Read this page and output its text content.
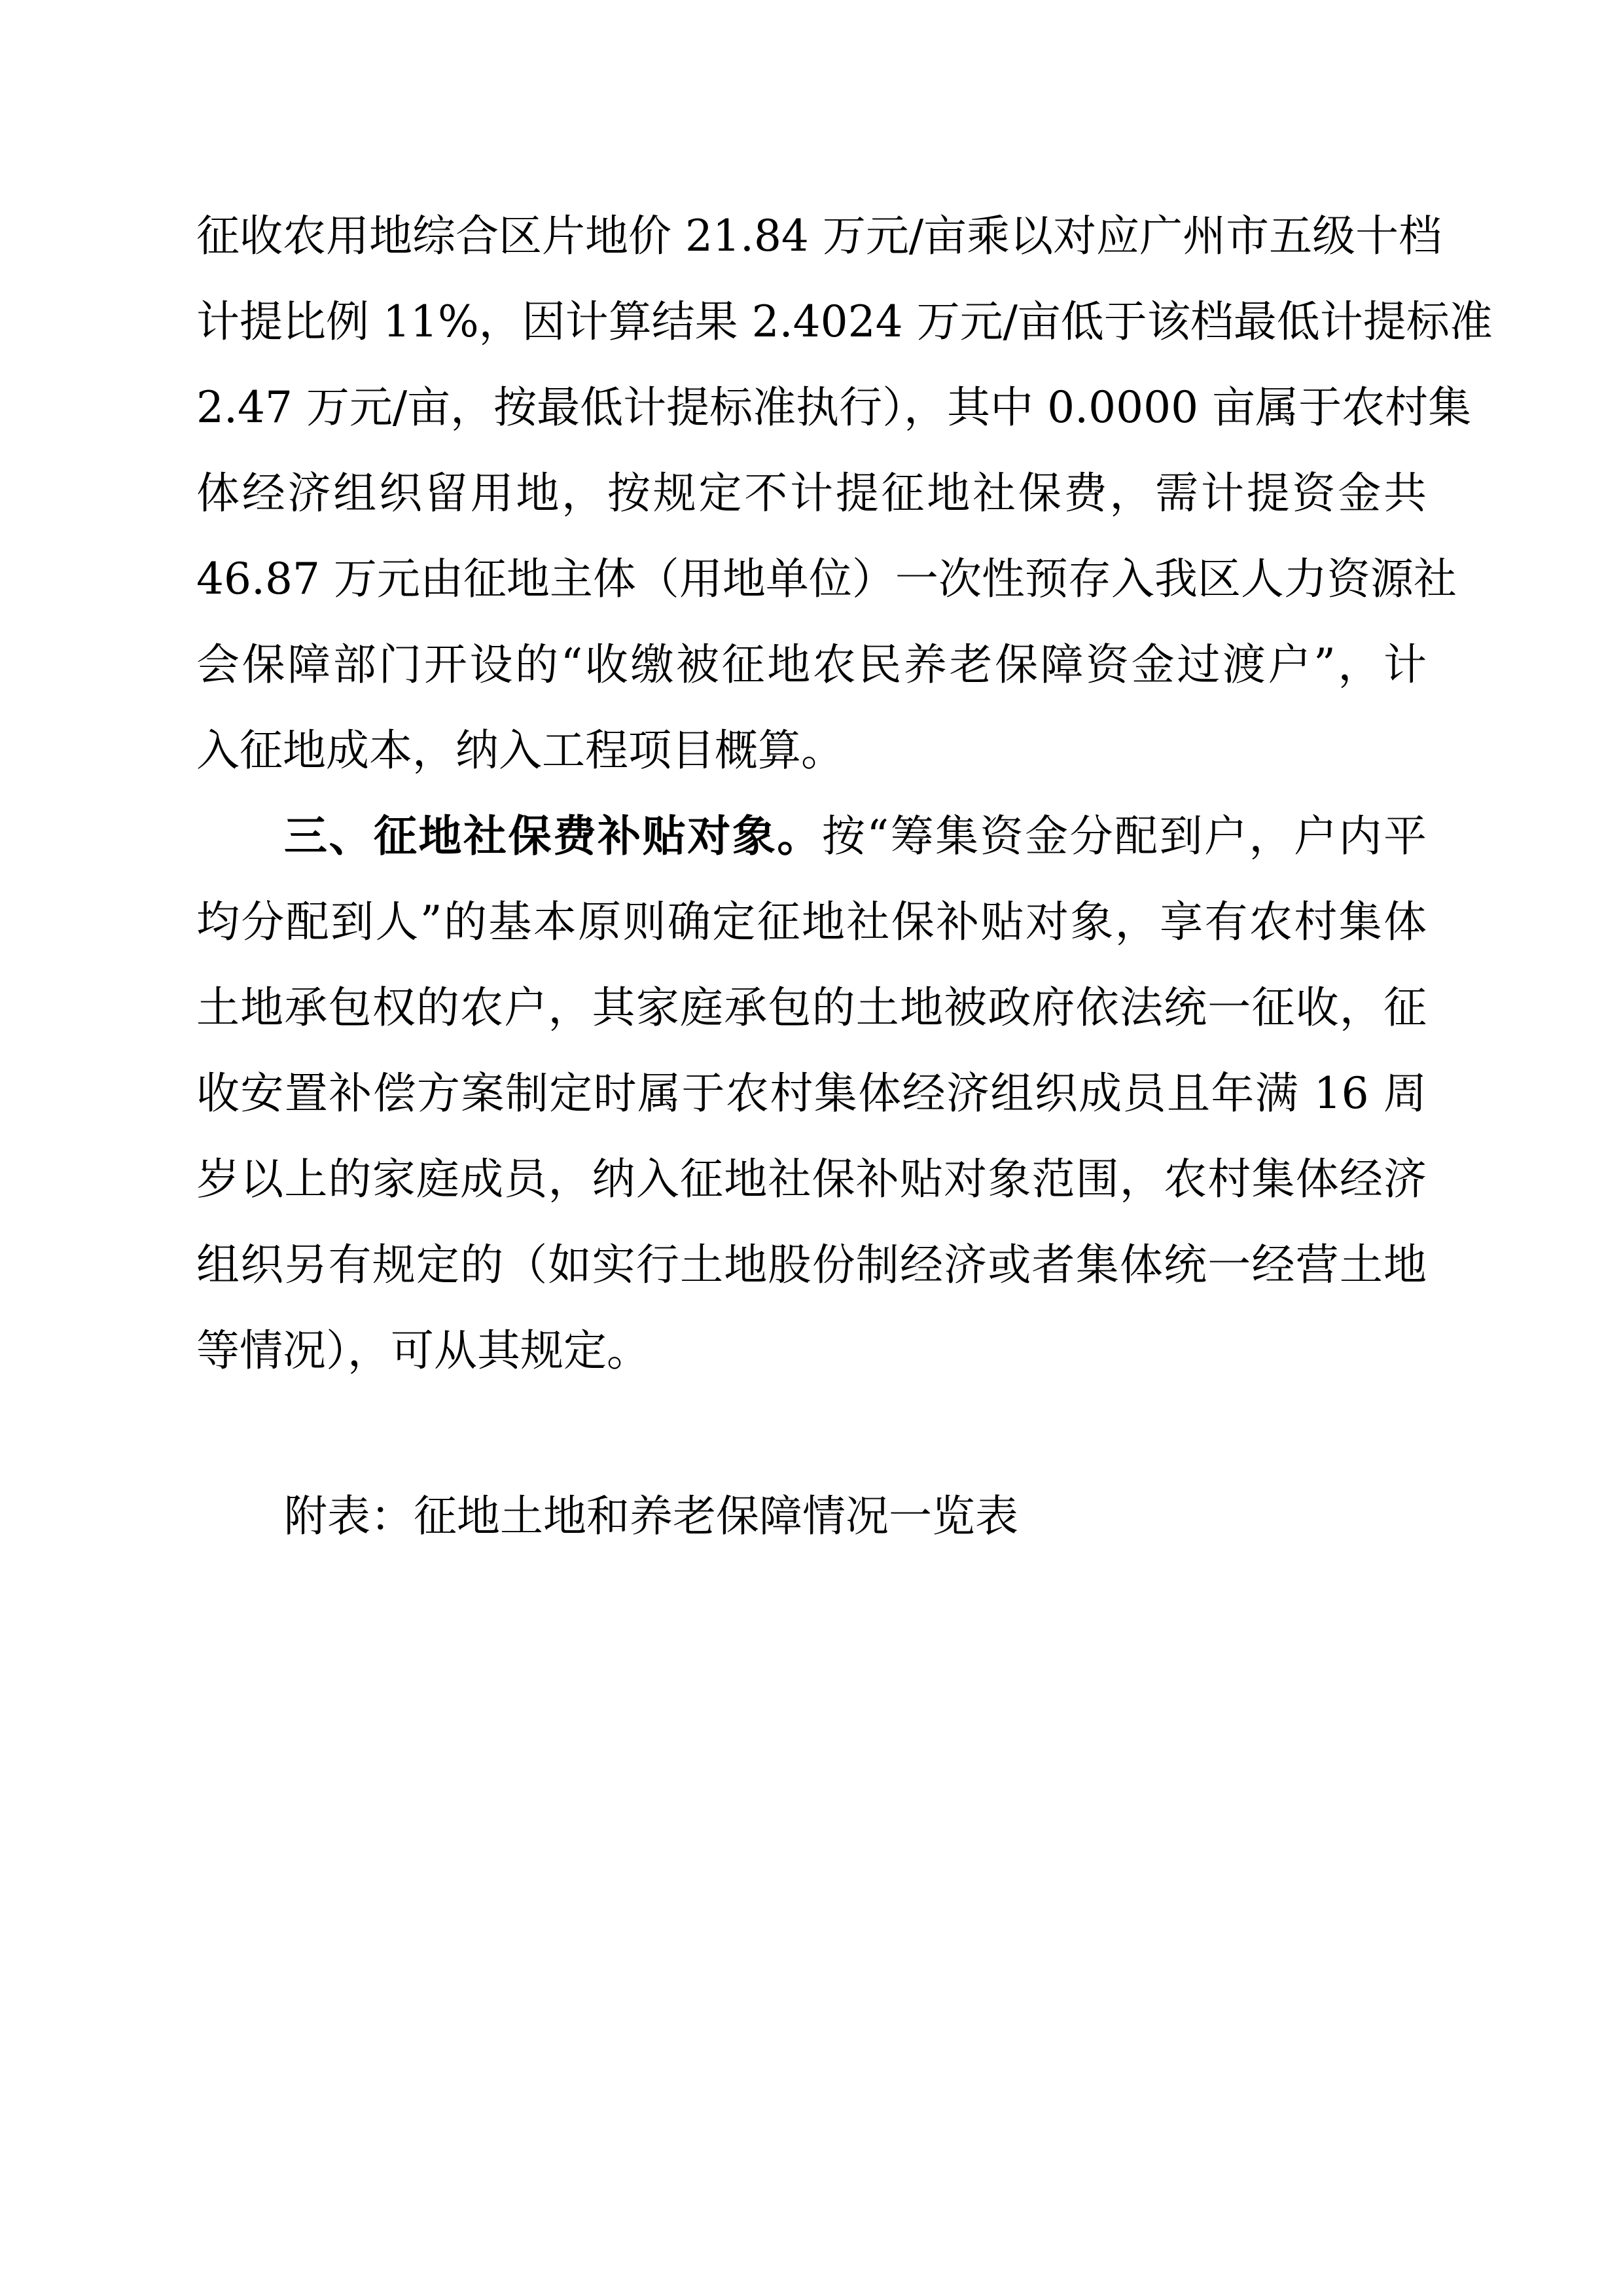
征收农用地综合区片地价 21.84 万元/亩乘以对应广州市五级十档
计提比例 11%，因计算结果 2.4024 万元/亩低于该档最低计提标准
2.47 万元/亩，按最低计提标准执行），其中 0.0000 亩属于农村集
体经济组织留用地，按规定不计提征地社保费，需计提资金共
46.87 万元由征地主体（用地单位）一次性预存入我区人力资源社
会保障部门开设的“收缴被征地农民养老保障资金过渡户”，计
入征地成本，纳入工程项目概算。
三、征地社保费补贴对象。按“筹集资金分配到户，户内平
均分配到人”的基本原则确定征地社保补贴对象，享有农村集体
土地承包权的农户，其家庭承包的土地被政府依法统一征收，征
收安置补偿方案制定时属于农村集体经济组织成员且年满 16 周
岁以上的家庭成员，纳入征地社保补贴对象范围，农村集体经济
组织另有规定的（如实行土地股份制经济或者集体统一经营土地
等情况），可从其规定。
附表：征地土地和养老保障情况一览表
